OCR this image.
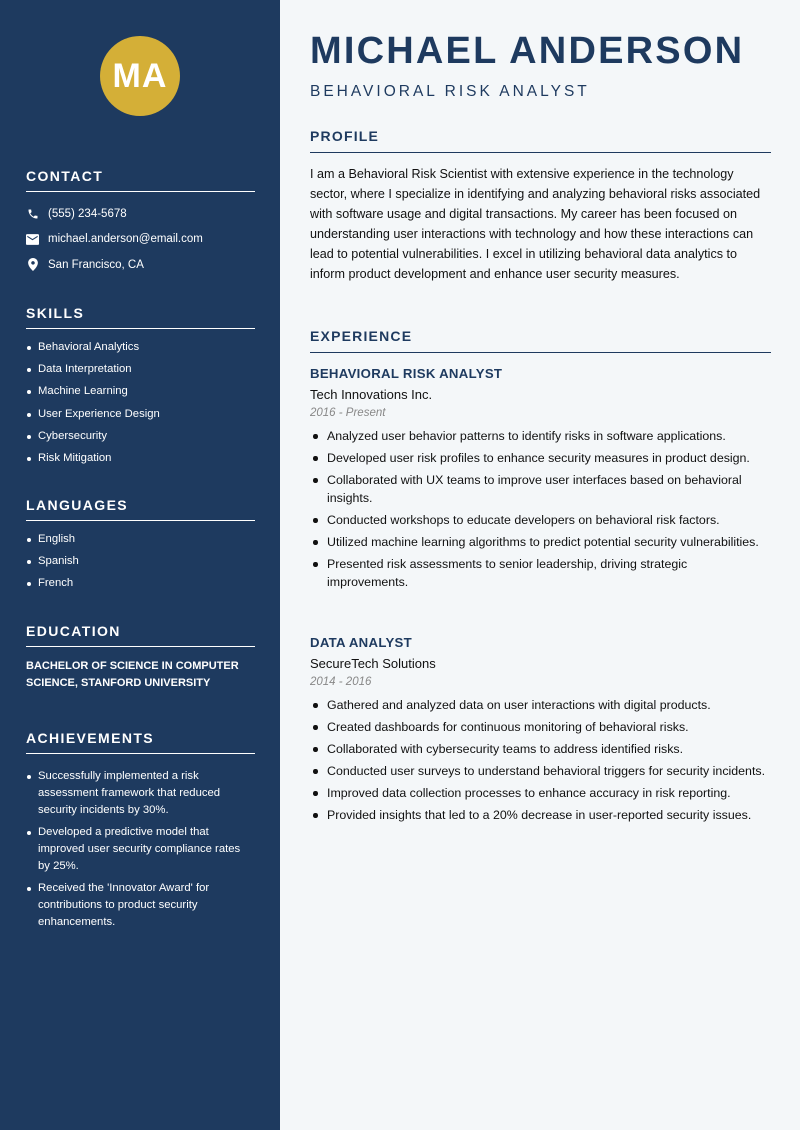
MA
CONTACT
(555) 234-5678
michael.anderson@email.com
San Francisco, CA
SKILLS
Behavioral Analytics
Data Interpretation
Machine Learning
User Experience Design
Cybersecurity
Risk Mitigation
LANGUAGES
English
Spanish
French
EDUCATION

BACHELOR OF SCIENCE IN COMPUTER SCIENCE, STANFORD UNIVERSITY

ACHIEVEMENTS
Successfully implemented a risk assessment framework that reduced security incidents by 30%.
Developed a predictive model that improved user security compliance rates by 25%.
Received the 'Innovator Award' for contributions to product security enhancements.
MICHAEL ANDERSON
BEHAVIORAL RISK ANALYST
PROFILE

I am a Behavioral Risk Scientist with extensive experience in the technology sector, where I specialize in identifying and analyzing behavioral risks associated with software usage and digital transactions. My career has been focused on understanding user interactions with technology and how these interactions can lead to potential vulnerabilities. I excel in utilizing behavioral data analytics to inform product development and enhance user security measures.

EXPERIENCE
BEHAVIORAL RISK ANALYST
Tech Innovations Inc.
2016 - Present
Analyzed user behavior patterns to identify risks in software applications.
Developed user risk profiles to enhance security measures in product design.
Collaborated with UX teams to improve user interfaces based on behavioral insights.
Conducted workshops to educate developers on behavioral risk factors.
Utilized machine learning algorithms to predict potential security vulnerabilities.
Presented risk assessments to senior leadership, driving strategic improvements.
DATA ANALYST
SecureTech Solutions
2014 - 2016
Gathered and analyzed data on user interactions with digital products.
Created dashboards for continuous monitoring of behavioral risks.
Collaborated with cybersecurity teams to address identified risks.
Conducted user surveys to understand behavioral triggers for security incidents.
Improved data collection processes to enhance accuracy in risk reporting.
Provided insights that led to a 20% decrease in user-reported security issues.
